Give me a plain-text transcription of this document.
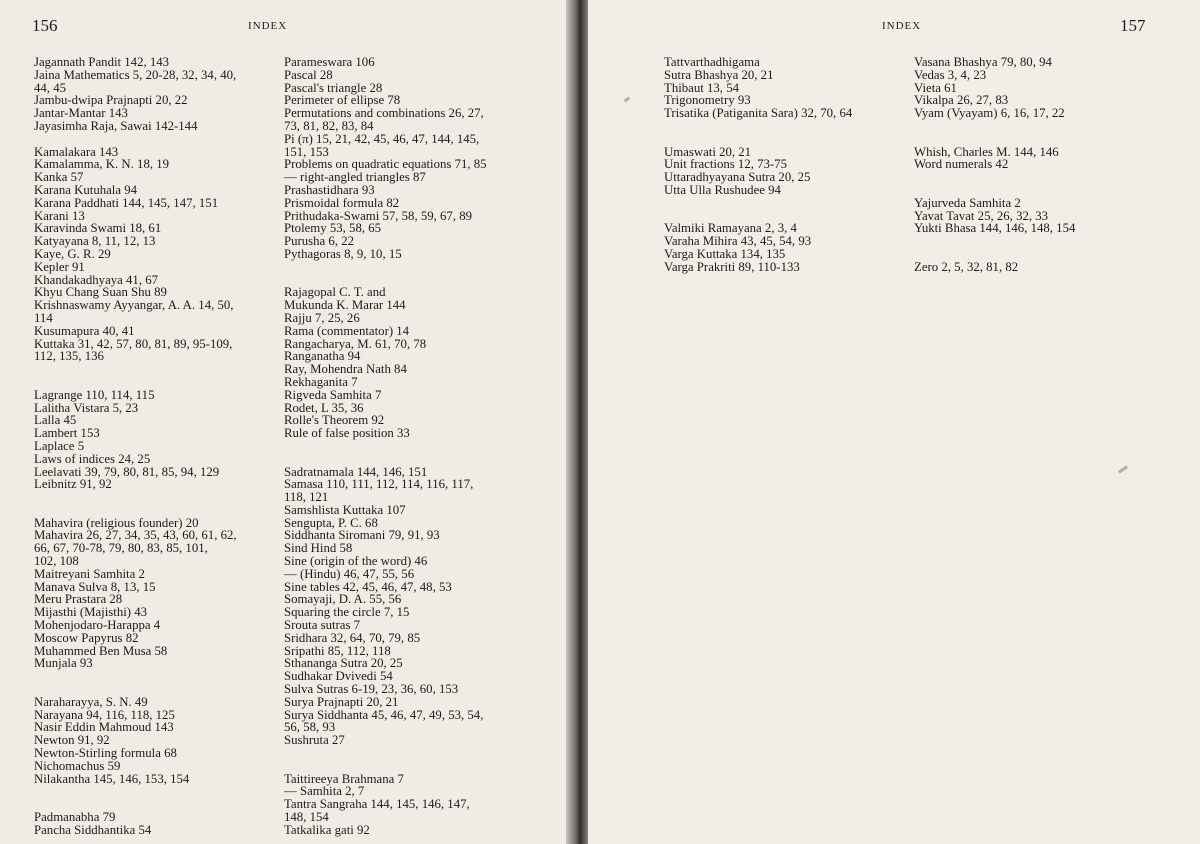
156	INDEX
Jagannath Pandit 142, 143
Jaina Mathematics 5, 20-28, 32, 34, 40,
44, 45
Jambu-dwipa Prajnapti 20, 22
Jantar-Mantar 143
Jayasimha Raja, Sawai 142-144
Kamalakara 143
Kamalamma, K. N. 18, 19
Kanka 57
Karana Kutuhala 94
Karana Paddhati 144, 145, 147, 151
Karani 13
Karavinda Swami 18, 61
Katyayana 8, 11, 12, 13
Kaye, G. R. 29
Kepler 91
Khandakadhyaya 41, 67
Khyu Chang Suan Shu 89
Krishnaswamy Ayyangar, A. A. 14, 50,
114
Kusumapura 40, 41
Kuttaka 31, 42, 57, 80, 81, 89, 95-109,
112, 135, 136
Lagrange 110, 114, 115
Lalitha Vistara 5, 23
Lalla 45
Lambert 153
Laplace 5
Laws of indices 24, 25
Leelavati 39, 79, 80, 81, 85, 94, 129
Leibnitz 91, 92
Mahavira (religious founder) 20
Mahavira 26, 27, 34, 35, 43, 60, 61, 62,
66, 67, 70-78, 79, 80, 83, 85, 101,
102, 108
Maitreyani Samhita 2
Manava Sulva 8, 13, 15
Meru Prastara 28
Mijasthi (Majisthi) 43
Mohenjodaro-Harappa 4
Moscow Papyrus 82
Muhammed Ben Musa 58
Munjala 93
Naraharayya, S. N. 49
Narayana 94, 116, 118, 125
Nasir Eddin Mahmoud 143
Newton 91, 92
Newton-Stirling formula 68
Nichomachus 59
Nilakantha 145, 146, 153, 154
Padmanabha 79
Pancha Siddhantika 54
Parameswara 106
Pascal 28
Pascal's triangle 28
Perimeter of ellipse 78
Permutations and combinations 26, 27,
73, 81, 82, 83, 84
Pi (π) 15, 21, 42, 45, 46, 47, 144, 145,
151, 153
Problems on quadratic equations 71, 85
— right-angled triangles 87
Prashastidhara 93
Prismoidal formula 82
Prithudaka-Swami 57, 58, 59, 67, 89
Ptolemy 53, 58, 65
Purusha 6, 22
Pythagoras 8, 9, 10, 15
Rajagopal C. T. and
Mukunda K. Marar 144
Rajju 7, 25, 26
Rama (commentator) 14
Rangacharya, M. 61, 70, 78
Ranganatha 94
Ray, Mohendra Nath 84
Rekhaganita 7
Rigveda Samhita 7
Rodet, L 35, 36
Rolle's Theorem 92
Rule of false position 33
Sadratnamala 144, 146, 151
Samasa 110, 111, 112, 114, 116, 117,
118, 121
Samshlista Kuttaka 107
Sengupta, P. C. 68
Siddhanta Siromani 79, 91, 93
Sind Hind 58
Sine (origin of the word) 46
— (Hindu) 46, 47, 55, 56
Sine tables 42, 45, 46, 47, 48, 53
Somayaji, D. A. 55, 56
Squaring the circle 7, 15
Srouta sutras 7
Sridhara 32, 64, 70, 79, 85
Sripathi 85, 112, 118
Sthananga Sutra 20, 25
Sudhakar Dvivedi 54
Sulva Sutras 6-19, 23, 36, 60, 153
Surya Prajnapti 20, 21
Surya Siddhanta 45, 46, 47, 49, 53, 54,
56, 58, 93
Sushruta 27
Taittireeya Brahmana 7
— Samhita 2, 7
Tantra Sangraha 144, 145, 146, 147,
148, 154
Tatkalika gati 92
INDEX	157
Tattvarthadhigama
Sutra Bhashya 20, 21
Thibaut 13, 54
Trigonometry 93
Trisatika (Patiganita Sara) 32, 70, 64
Umaswati 20, 21
Unit fractions 12, 73-75
Uttaradhyayana Sutra 20, 25
Utta Ulla Rushudee 94
Valmiki Ramayana 2, 3, 4
Varaha Mihira 43, 45, 54, 93
Varga Kuttaka 134, 135
Varga Prakriti 89, 110-133
Vasana Bhashya 79, 80, 94
Vedas 3, 4, 23
Vieta 61
Vikalpa 26, 27, 83
Vyam (Vyayam) 6, 16, 17, 22
Whish, Charles M. 144, 146
Word numerals 42
Yajurveda Samhita 2
Yavat Tavat 25, 26, 32, 33
Yukti Bhasa 144, 146, 148, 154
Zero 2, 5, 32, 81, 82
